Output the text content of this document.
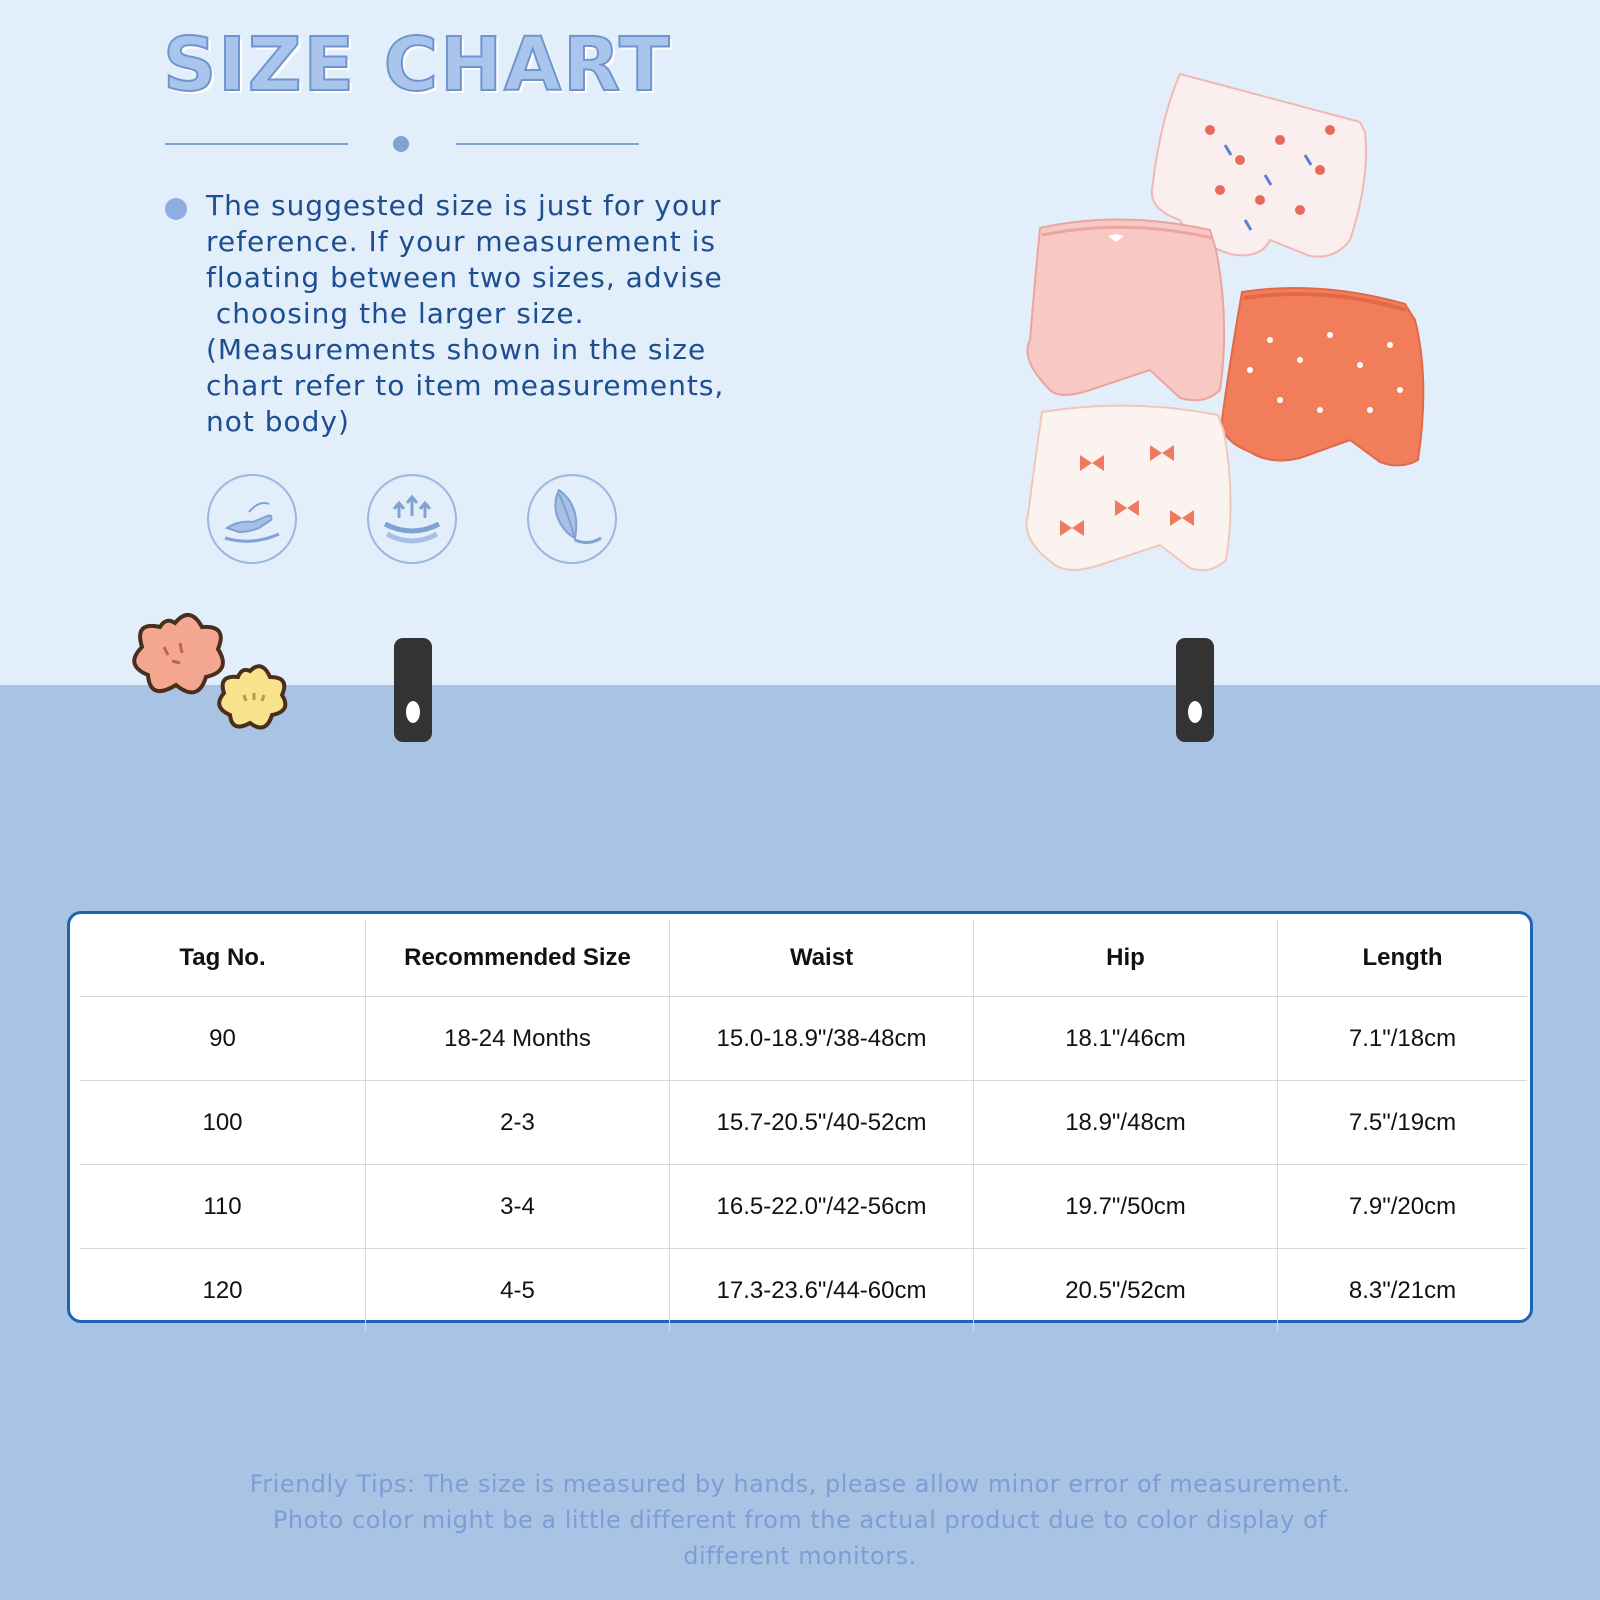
SIZE CHART

The suggested size is just for your
reference. If your measurement is
floating between two sizes, advise
choosing the larger size.
(Measurements shown in the size
chart refer to item measurements,
not body)

Tag No.	Recommended Size	Waist	Hip	Length
90	18-24 Months	15.0-18.9"/38-48cm	18.1"/46cm	7.1"/18cm
100	2-3	15.7-20.5"/40-52cm	18.9"/48cm	7.5"/19cm
110	3-4	16.5-22.0"/42-56cm	19.7"/50cm	7.9"/20cm
120	4-5	17.3-23.6"/44-60cm	20.5"/52cm	8.3"/21cm

Friendly Tips: The size is measured by hands, please allow minor error of measurement.
Photo color might be a little different from the actual product due to color display of
different monitors.
